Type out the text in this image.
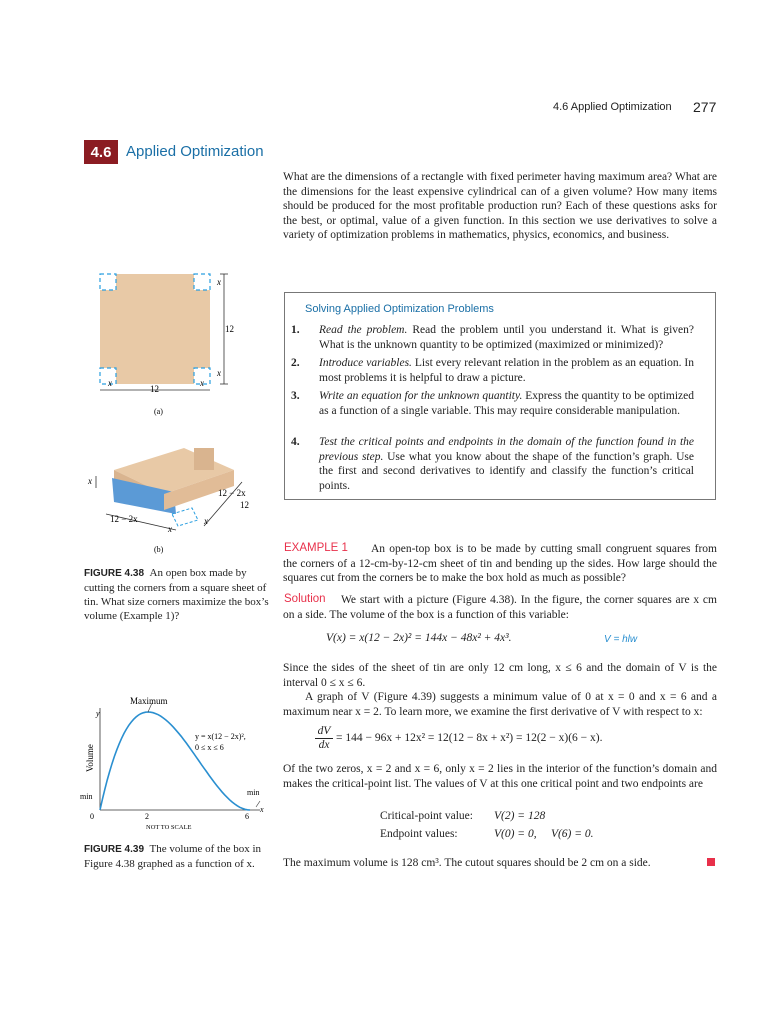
4.6 Applied Optimization 277
4.6 Applied Optimization
What are the dimensions of a rectangle with fixed perimeter having maximum area? What are the dimensions for the least expensive cylindrical can of a given volume? How many items should be produced for the most profitable production run? Each of these questions asks for the best, or optimal, value of a given function. In this section we use derivatives to solve a variety of optimization problems in mathematics, physics, economics, and business.
Solving Applied Optimization Problems
1. Read the problem. Read the problem until you understand it. What is given? What is the unknown quantity to be optimized (maximized or minimized)?
2. Introduce variables. List every relevant relation in the problem as an equation. In most problems it is helpful to draw a picture.
3. Write an equation for the unknown quantity. Express the quantity to be optimized as a function of a single variable. This may require considerable manipulation.
4. Test the critical points and endpoints in the domain of the function found in the previous step. Use what you know about the shape of the function’s graph. Use the first and second derivatives to identify and classify the function’s critical points.
EXAMPLE 1	An open-top box is to be made by cutting small congruent squares from the corners of a 12-cm-by-12-cm sheet of tin and bending up the sides. How large should the squares cut from the corners be to make the box hold as much as possible?
Solution	We start with a picture (Figure 4.38). In the figure, the corner squares are x cm on a side. The volume of the box is a function of this variable:
V(x) = x(12 − 2x)² = 144x − 48x² + 4x³.	V = hlw
Since the sides of the sheet of tin are only 12 cm long, x ≤ 6 and the domain of V is the interval 0 ≤ x ≤ 6.
A graph of V (Figure 4.39) suggests a minimum value of 0 at x = 0 and x = 6 and a maximum near x = 2. To learn more, we examine the first derivative of V with respect to x:
$\frac{dV}{dx} = 144 - 96x + 12x^2 = 12(12 - 8x + x^2) = 12(2 - x)(6 - x)$.
Of the two zeros, x = 2 and x = 6, only x = 2 lies in the interior of the function’s domain and makes the critical-point list. The values of V at this one critical point and two endpoints are
Critical-point value: V(2) = 128
Endpoint values:	V(0) = 0,     V(6) = 0.
The maximum volume is 128 cm³. The cutout squares should be 2 cm on a side.
x
12
x
x	x
12
(a)
x
12 − 2x
12
12 − 2x
x
x
(b)
FIGURE 4.38 An open box made by cutting the corners from a square sheet of tin. What size corners maximize the box’s volume (Example 1)?
Maximum
y
x
y = x(12 − 2x)²,
0 ≤ x ≤ 6
Volume
min	min
0	2	6
NOT TO SCALE
FIGURE 4.39 The volume of the box in Figure 4.38 graphed as a function of x.
